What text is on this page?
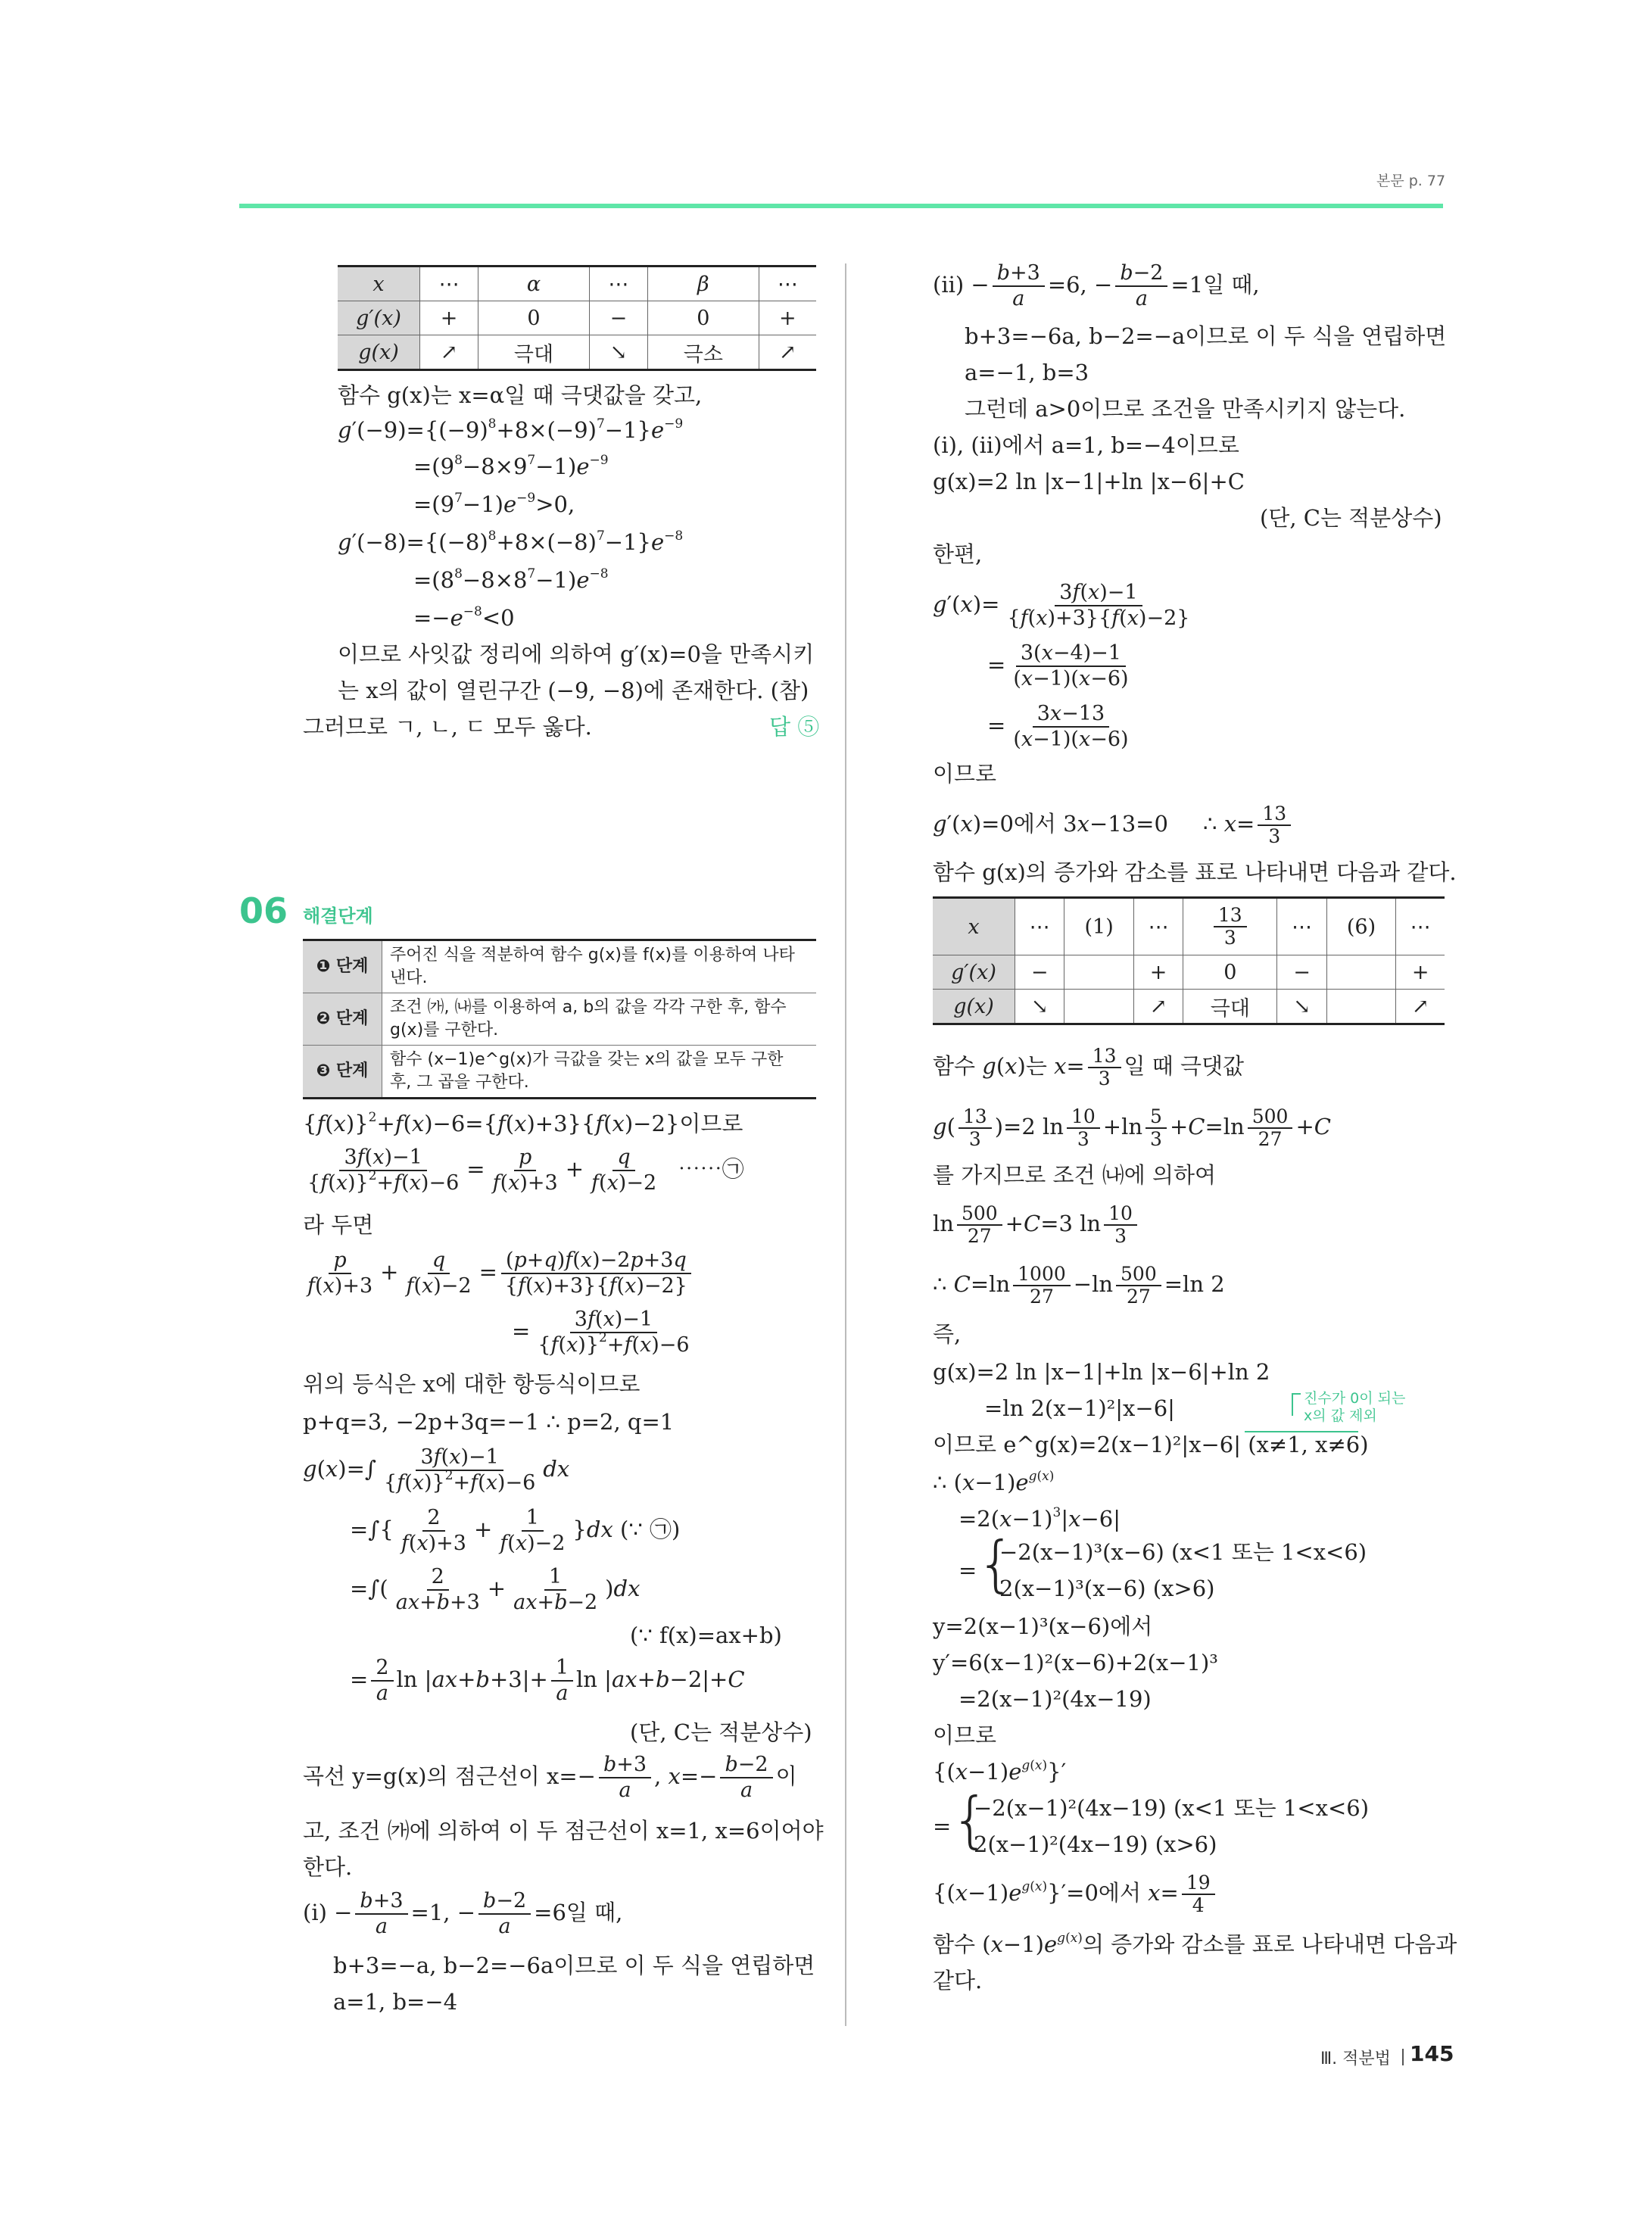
본문 p. 77
x	⋯	α	⋯	β	⋯
g′(x)	+	0	−	0	+
g(x)	↗	극대	↘	극소	↗
함수 g(x)는 x=α일 때 극댓값을 갖고,
$g'(-9)=\{(-9)^8+8\times(-9)^7-1\}e^{-9}$
$=(9^8-8\times 9^7-1)e^{-9}$
$=(9^7-1)e^{-9}>0$,
$g'(-8)=\{(-8)^8+8\times(-8)^7-1\}e^{-8}$
$=(8^8-8\times 8^7-1)e^{-8}$
$=-e^{-8}<0$
이므로 사잇값 정리에 의하여 g′(x)=0을 만족시키
는 x의 값이 열린구간 (−9, −8)에 존재한다. (참)
그러므로 ㄱ, ㄴ, ㄷ 모두 옳다.	답 ⑤
06 해결단계
❶ 단계	주어진 식을 적분하여 함수 g(x)를 f(x)를 이용하여 나타낸다.
❷ 단계	조건 ㈎, ㈏를 이용하여 a, b의 값을 각각 구한 후, 함수 g(x)를 구한다.
❸ 단계	함수 (x−1)e^g(x)가 극값을 갖는 x의 값을 모두 구한 후, 그 곱을 구한다.
$\{f(x)\}^2+f(x)-6=\{f(x)+3\}\{f(x)-2\}$이므로
$\frac{3f(x)-1}{\{f(x)\}^2+f(x)-6} = \frac{p}{f(x)+3} + \frac{q}{f(x)-2}$ ⋯⋯㉠
라 두면
$\frac{p}{f(x)+3} + \frac{q}{f(x)-2} = \frac{(p+q)f(x)-2p+3q}{\{f(x)+3\}\{f(x)-2\}}$
= $\frac{3f(x)-1}{\{f(x)\}^2+f(x)-6}$
위의 등식은 x에 대한 항등식이므로
p+q=3, −2p+3q=−1 ∴ p=2, q=1
$g(x)=\int \frac{3f(x)-1}{\{f(x)\}^2+f(x)-6}$ dx
=∫{ $\frac{2}{f(x)+3} + \frac{1}{f(x)-2} \}dx$ (∵ ㉠)
=∫( $\frac{2}{ax+b+3} + \frac{1}{ax+b-2} )dx$
(∵ f(x)=ax+b)
= $\frac{2}{a}$ $\ln |ax+b+3|+ \frac{1}{a}$ ln |ax+b−2|+C
(단, C는 적분상수)
곡선 y=g(x)의 점근선이 $x=- \frac{b+3}{a}$ , $x=- \frac{b-2}{a}$ 이
고, 조건 ㈎에 의하여 이 두 점근선이 x=1, x=6이어야
한다.
$(i) - \frac{b+3}{a} =1$, − $\frac{b-2}{a} =6$일 때,
b+3=−a, b−2=−6a이므로 이 두 식을 연립하면
a=1, b=−4
$(ii) - \frac{b+3}{a} =6$, − $\frac{b-2}{a} =1$일 때,
b+3=−6a, b−2=−a이므로 이 두 식을 연립하면
a=−1, b=3
그런데 a>0이므로 조건을 만족시키지 않는다.
(i), (ii)에서 a=1, b=−4이므로
g(x)=2 ln |x−1|+ln |x−6|+C
(단, C는 적분상수)
한편,
$g'(x)= \frac{3f(x)-1}{\{f(x)+3\}\{f(x)-2\}}$
= $\frac{3(x-4)-1}{(x-1)(x-6)}$
= $\frac{3x-13}{(x-1)(x-6)}$
이므로
g′(x)=0에서 3x−13=0     ∴ $x= \frac{13}{3}$
함수 g(x)의 증가와 감소를 표로 나타내면 다음과 같다.
x	⋯	(1)	⋯	$\frac{13}{3}$	⋯	(6)	⋯
g′(x)	−		+	0	−		+
g(x)	↘		↗	극대	↘		↗
함수 g(x)는 $x= \frac{13}{3}$ 일 때 극댓값
$g( \frac{13}{3} )=2$ $\ln \frac{10}{3} +\ln \frac{5}{3} +C=\ln \frac{500}{27} +C$
를 가지므로 조건 ㈏에 의하여
$\ln \frac{500}{27} +C=3$ $\ln \frac{10}{3}$
∴ $C=\ln \frac{1000}{27} -\ln \frac{500}{27} =\ln$ 2
즉,
g(x)=2 ln |x−1|+ln |x−6|+ln 2
=ln 2(x−1)²|x−6|	진수가 0이 되는
x의 값 제외
이므로 e^g(x)=2(x−1)²|x−6| (x≠1, x≠6)
∴ $(x-1)e^{g(x)}$
$=2(x-1)^3|x-6|$
= {
−2(x−1)³(x−6) (x<1 또는 1<x<6)
2(x−1)³(x−6) (x>6)
y=2(x−1)³(x−6)에서
y′=6(x−1)²(x−6)+2(x−1)³
=2(x−1)²(4x−19)
이므로
$\{(x-1)e^{g(x)}\}'$
= {
−2(x−1)²(4x−19) (x<1 또는 1<x<6)
2(x−1)²(4x−19) (x>6)
$\{(x-1)e^{g(x)}\}'=0$에서 $x= \frac{19}{4}$
함수 $(x-1)e^{g(x)}$의 증가와 감소를 표로 나타내면 다음과
같다.
Ⅲ. 적분법 145
